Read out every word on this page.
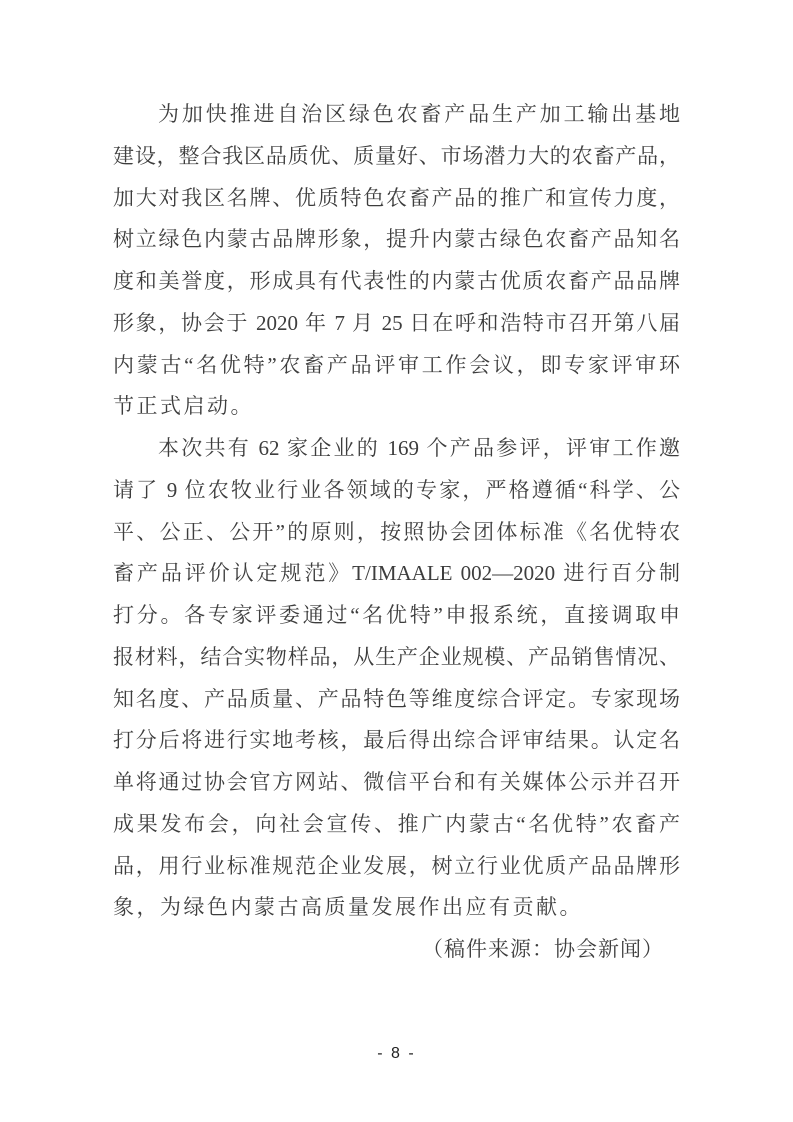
为加快推进自治区绿色农畜产品生产加工输出基地

建设，整合我区品质优、质量好、市场潜力大的农畜产品，

加大对我区名牌、优质特色农畜产品的推广和宣传力度，

树立绿色内蒙古品牌形象，提升内蒙古绿色农畜产品知名

度和美誉度，形成具有代表性的内蒙古优质农畜产品品牌

形象，协会于 2020 年 7 月 25 日在呼和浩特市召开第八届

内蒙古“名优特”农畜产品评审工作会议，即专家评审环

节正式启动。

本次共有 62 家企业的 169 个产品参评，评审工作邀

请了 9 位农牧业行业各领域的专家，严格遵循“科学、公

平、公正、公开”的原则，按照协会团体标准《名优特农

畜产品评价认定规范》T/IMAALE 002—2020 进行百分制

打分。各专家评委通过“名优特”申报系统，直接调取申

报材料，结合实物样品，从生产企业规模、产品销售情况、

知名度、产品质量、产品特色等维度综合评定。专家现场

打分后将进行实地考核，最后得出综合评审结果。认定名

单将通过协会官方网站、微信平台和有关媒体公示并召开

成果发布会，向社会宣传、推广内蒙古“名优特”农畜产

品，用行业标准规范企业发展，树立行业优质产品品牌形

象，为绿色内蒙古高质量发展作出应有贡献。

（稿件来源：协会新闻）

- 8 -
